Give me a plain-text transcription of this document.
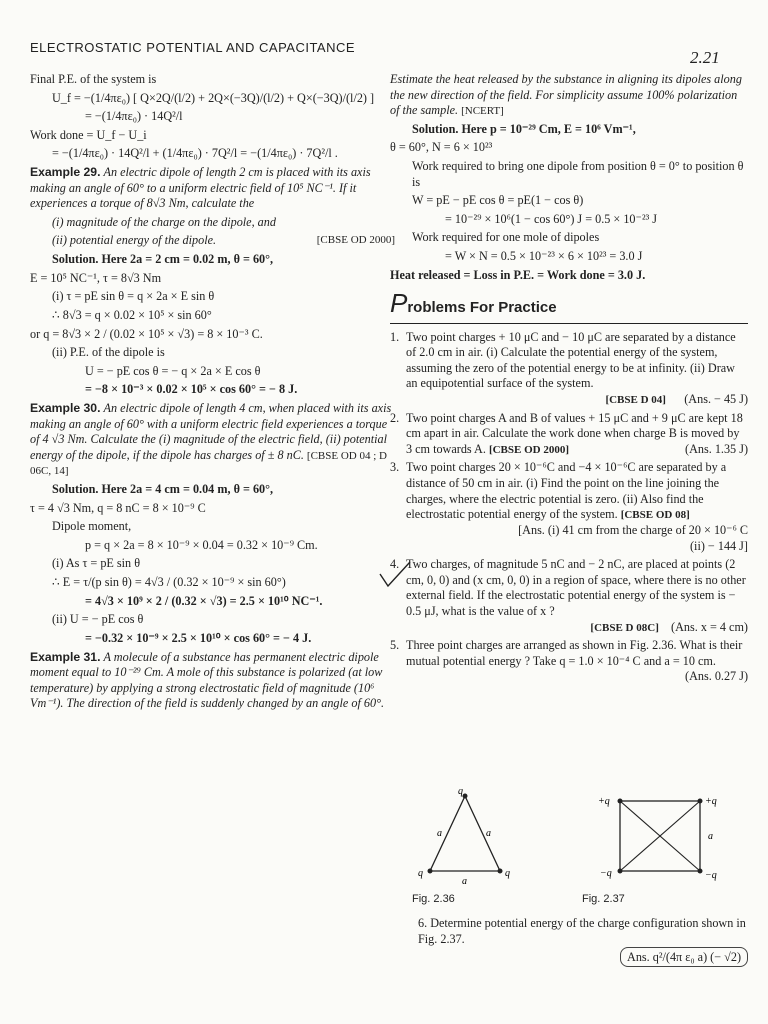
ELECTROSTATIC POTENTIAL AND CAPACITANCE
2.21
Final P.E. of the system is
U_f = −(1/4πε₀) [ Q×2Q/(l/2) + 2Q×(−3Q)/(l/2) + Q×(−3Q)/(l/2) ]
= −(1/4πε₀) · 14Q²/l
Work done = U_f − U_i
= −(1/4πε₀) · 14Q²/l + (1/4πε₀) · 7Q²/l = −(1/4πε₀) · 7Q²/l .
Example 29. An electric dipole of length 2 cm is placed with its axis making an angle of 60° to a uniform electric field of 10⁵ NC⁻¹. If it experiences a torque of 8√3 Nm, calculate the
(i) magnitude of the charge on the dipole, and
(ii) potential energy of the dipole.	[CBSE OD 2000]
Solution. Here 2a = 2 cm = 0.02 m, θ = 60°,
E = 10⁵ NC⁻¹, τ = 8√3 Nm
(i) τ = pE sin θ = q × 2a × E sin θ
∴ 8√3 = q × 0.02 × 10⁵ × sin 60°
or q = 8√3 × 2 / (0.02 × 10⁵ × √3) = 8 × 10⁻³ C.
(ii) P.E. of the dipole is
U = − pE cos θ = − q × 2a × E cos θ
= −8 × 10⁻³ × 0.02 × 10⁵ × cos 60° = − 8 J.
Example 30. An electric dipole of length 4 cm, when placed with its axis making an angle of 60° with a uniform electric field experiences a torque of 4 √3 Nm. Calculate the (i) magnitude of the electric field, (ii) potential energy of the dipole, if the dipole has charges of ± 8 nC. [CBSE OD 04 ; D 06C, 14]
Solution. Here 2a = 4 cm = 0.04 m, θ = 60°,
τ = 4 √3 Nm, q = 8 nC = 8 × 10⁻⁹ C
Dipole moment,
p = q × 2a = 8 × 10⁻⁹ × 0.04 = 0.32 × 10⁻⁹ Cm.
(i) As τ = pE sin θ
∴ E = τ/(p sin θ) = 4√3 / (0.32 × 10⁻⁹ × sin 60°)
= 4√3 × 10⁹ × 2 / (0.32 × √3) = 2.5 × 10¹⁰ NC⁻¹.
(ii) U = − pE cos θ
= −0.32 × 10⁻⁹ × 2.5 × 10¹⁰ × cos 60° = − 4 J.
Example 31. A molecule of a substance has permanent electric dipole moment equal to 10⁻²⁹ Cm. A mole of this substance is polarized (at low temperature) by applying a strong electrostatic field of magnitude (10⁶ Vm⁻¹). The direction of the field is suddenly changed by an angle of 60°.
Estimate the heat released by the substance in aligning its dipoles along the new direction of the field. For simplicity assume 100% polarization of the sample. [NCERT]
Solution. Here p = 10⁻²⁹ Cm, E = 10⁶ Vm⁻¹,
θ = 60°, N = 6 × 10²³
Work required to bring one dipole from position θ = 0° to position θ is
W = pE − pE cos θ = pE(1 − cos θ)
= 10⁻²⁹ × 10⁶(1 − cos 60°) J = 0.5 × 10⁻²³ J
Work required for one mole of dipoles
= W × N = 0.5 × 10⁻²³ × 6 × 10²³ = 3.0 J
Heat released = Loss in P.E. = Work done = 3.0 J.
Problems For Practice
1. Two point charges + 10 μC and − 10 μC are separated by a distance of 2.0 cm in air. (i) Calculate the potential energy of the system, assuming the zero of the potential energy to be at infinity. (ii) Draw an equipotential surface of the system.
[CBSE D 04] (Ans. − 45 J)
2. Two point charges A and B of values + 15 μC and + 9 μC are kept 18 cm apart in air. Calculate the work done when charge B is moved by 3 cm towards A. [CBSE OD 2000]	(Ans. 1.35 J)
3. Two point charges 20 × 10⁻⁶C and −4 × 10⁻⁶C are separated by a distance of 50 cm in air. (i) Find the point on the line joining the charges, where the electric potential is zero. (ii) Also find the electrostatic potential energy of the system. [CBSE OD 08]
[Ans. (i) 41 cm from the charge of 20 × 10⁻⁶ C
(ii) − 144 J]
4. Two charges, of magnitude 5 nC and − 2 nC, are placed at points (2 cm, 0, 0) and (x cm, 0, 0) in a region of space, where there is no other external field. If the electrostatic potential energy of the system is − 0.5 μJ, what is the value of x ?
[CBSE D 08C] (Ans. x = 4 cm)
5. Three point charges are arranged as shown in Fig. 2.36. What is their mutual potential energy ? Take q = 1.0 × 10⁻⁴ C and a = 10 cm.
(Ans. 0.27 J)
q
q	q
a	a
a
+q	+q
−q	−q
a
Fig. 2.36	Fig. 2.37
6. Determine potential energy of the charge configuration shown in Fig. 2.37.
Ans. q²/(4π ε₀ a) (− √2)
